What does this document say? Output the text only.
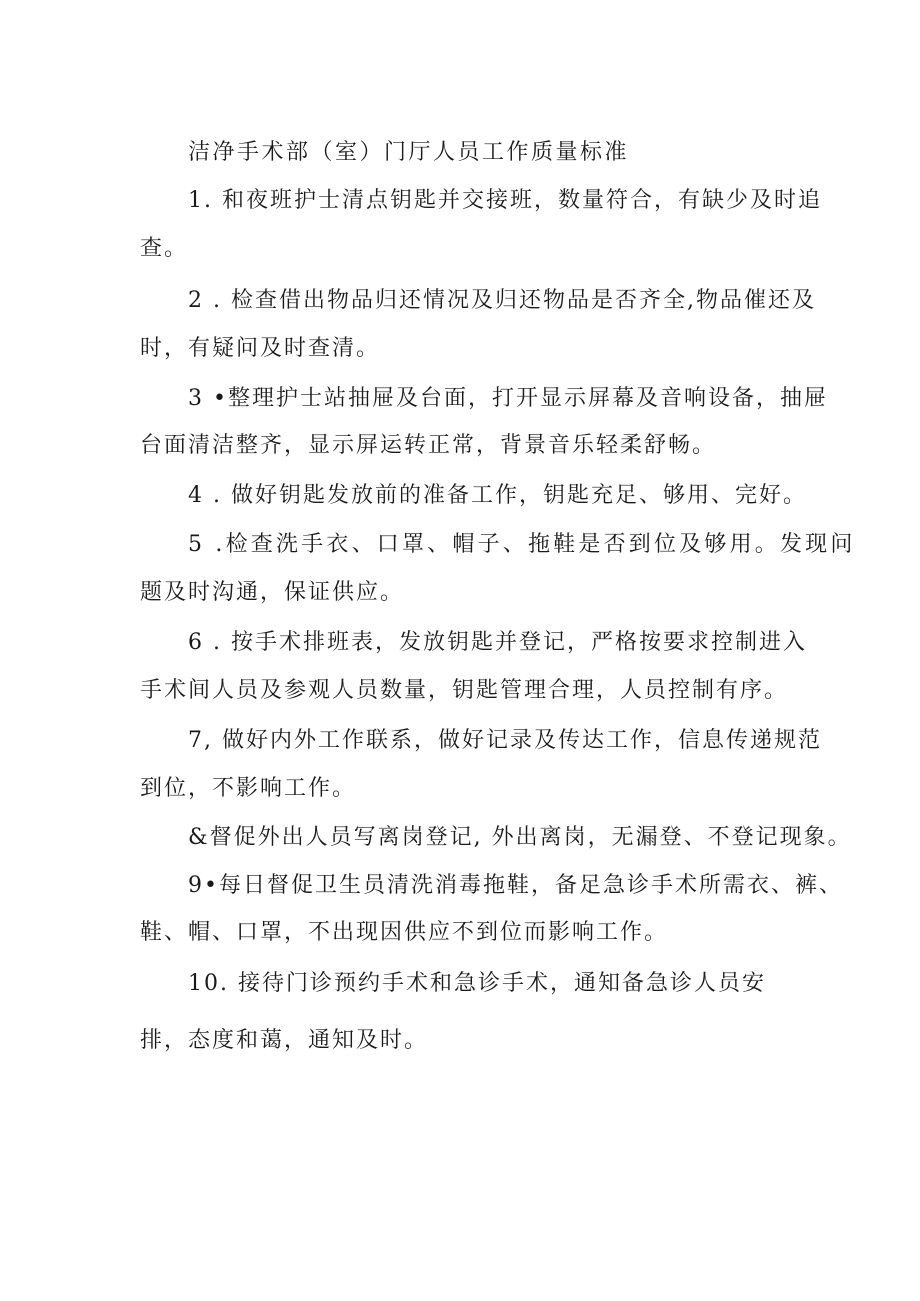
洁净手术部（室）门厅人员工作质量标准
1. 和夜班护士清点钥匙并交接班，数量符合，有缺少及时追
查。
2 . 检查借出物品归还情况及归还物品是否齐全,物品催还及
时，有疑问及时查清。
3 •整理护士站抽屉及台面，打开显示屏幕及音响设备，抽屉
台面清洁整齐，显示屏运转正常，背景音乐轻柔舒畅。
4 . 做好钥匙发放前的准备工作，钥匙充足、够用、完好。
5 .检查洗手衣、口罩、帽子、拖鞋是否到位及够用。发现问
题及时沟通，保证供应。
6 . 按手术排班表，发放钥匙并登记，严格按要求控制进入
手术间人员及参观人员数量，钥匙管理合理，人员控制有序。
7, 做好内外工作联系，做好记录及传达工作，信息传递规范
到位，不影响工作。
&督促外出人员写离岗登记, 外出离岗，无漏登、不登记现象。
9•每日督促卫生员清洗消毒拖鞋，备足急诊手术所需衣、裤、
鞋、帽、口罩，不出现因供应不到位而影响工作。
10. 接待门诊预约手术和急诊手术，通知备急诊人员安
排，态度和蔼，通知及时。
